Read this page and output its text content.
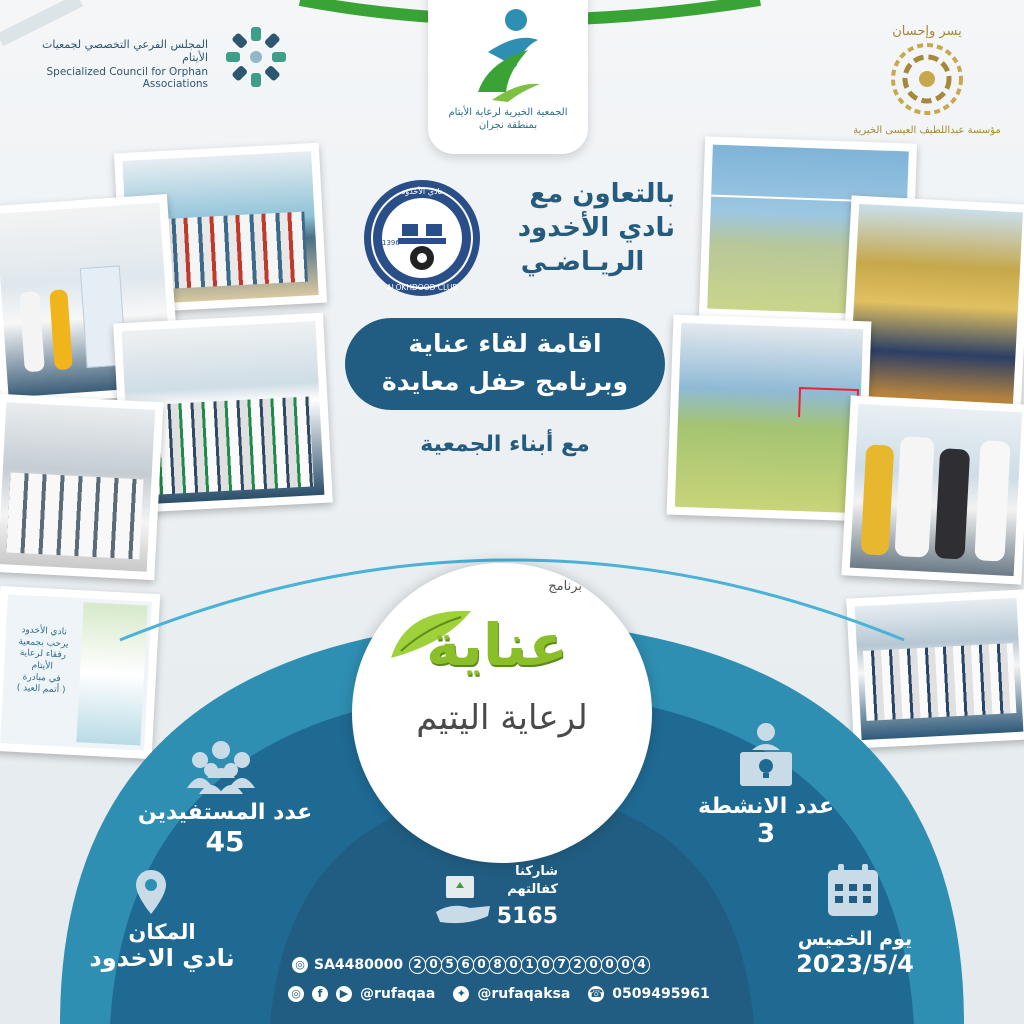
المجلس الفرعي التخصصي لجمعيات الأيتام
Specialized Council for Orphan Associations
الجمعية الخيرية لرعاية الأيتام بمنطقة نجران
يسر وإحسان
مؤسسة عبداللطيف العيسى الخيرية
نادي الأخدود
يرحب بجمعية
رفقاء لرعاية الأيتام
في مبادرة
( أتمم العيد )
1396
نادي الأخدود
ALOKHDOOD CLUB
بالتعاون مع
نادي الأخدود
الريـاضـي
اقامة لقاء عناية
وبرنامج حفل معايدة
مع أبناء الجمعية
برنامج
عناية
لرعاية اليتيم
عدد المستفيدين
45
المكان
نادي الاخدود
عدد الانشطة
3
يوم الخميس
2023/5/4
شاركنا
كفالتهم
5165
◎ SA4480000 2 0 5 6 0 8 0 1 0 7 2 0 0 0 4
◎	f	▶ @rufaqaa	✦ @rufaqaksa ☎ 0509495961
